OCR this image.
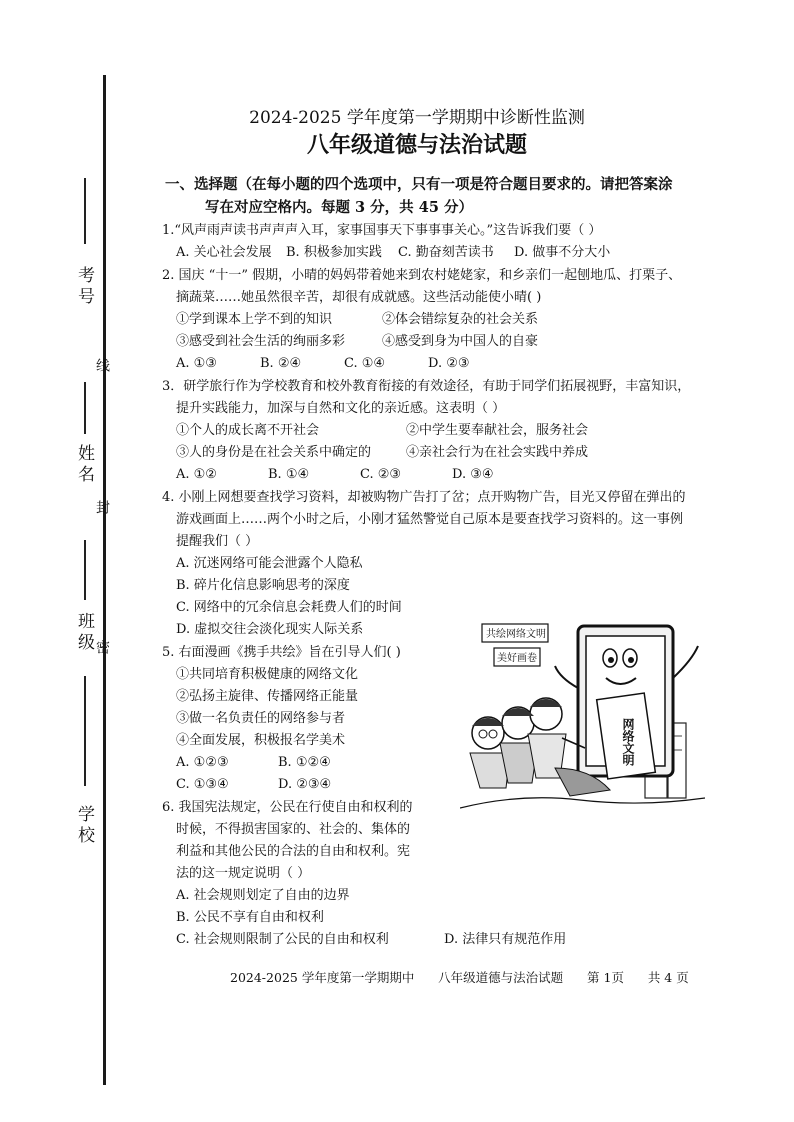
考号
线
姓名
封
班级 密
学校
2024-2025 学年度第一学期期中诊断性监测
八年级道德与法治试题
一、选择题（在每小题的四个选项中，只有一项是符合题目要求的。请把答案涂
写在对应空格内。每题 3 分，共 45 分）
1.“风声雨声读书声声声入耳，家事国事天下事事事关心。”这告诉我们要（ ）
A. 关心社会发展	B. 积极参加实践	C. 勤奋刻苦读书	D. 做事不分大小
2. 国庆 “十一” 假期，小晴的妈妈带着她来到农村姥姥家，和乡亲们一起刨地瓜、打栗子、
摘蔬菜……她虽然很辛苦，却很有成就感。这些活动能使小晴( )
①学到课本上学不到的知识	②体会错综复杂的社会关系
③感受到社会生活的绚丽多彩	④感受到身为中国人的自豪
A. ①③	B. ②④	C. ①④	D. ②③
3．研学旅行作为学校教育和校外教育衔接的有效途径，有助于同学们拓展视野，丰富知识，
提升实践能力，加深与自然和文化的亲近感。这表明（ ）
①个人的成长离不开社会	②中学生要奉献社会，服务社会
③人的身份是在社会关系中确定的	④亲社会行为在社会实践中养成
A. ①②	B. ①④	C. ②③	D. ③④
4. 小刚上网想要查找学习资料，却被购物广告打了岔；点开购物广告，目光又停留在弹出的
游戏画面上……两个小时之后，小刚才猛然警觉自己原本是要查找学习资料的。这一事例
提醒我们（ ）
A. 沉迷网络可能会泄露个人隐私
B. 碎片化信息影响思考的深度
C. 网络中的冗余信息会耗费人们的时间
D. 虚拟交往会淡化现实人际关系
5. 右面漫画《携手共绘》旨在引导人们( )
①共同培育积极健康的网络文化
②弘扬主旋律、传播网络正能量
③做一名负责任的网络参与者
④全面发展，积极报名学美术
A. ①②③	B. ①②④
C. ①③④	D. ②③④
6. 我国宪法规定，公民在行使自由和权利的
时候，不得损害国家的、社会的、集体的
利益和其他公民的合法的自由和权利。宪
法的这一规定说明（ ）
A. 社会规则划定了自由的边界
B. 公民不享有自由和权利
C. 社会规则限制了公民的自由和权利	D. 法律只有规范作用
网络文明
共绘网络文明
美好画卷
2024-2025 学年度第一学期期中 八年级道德与法治试题 第 1页 共 4 页
